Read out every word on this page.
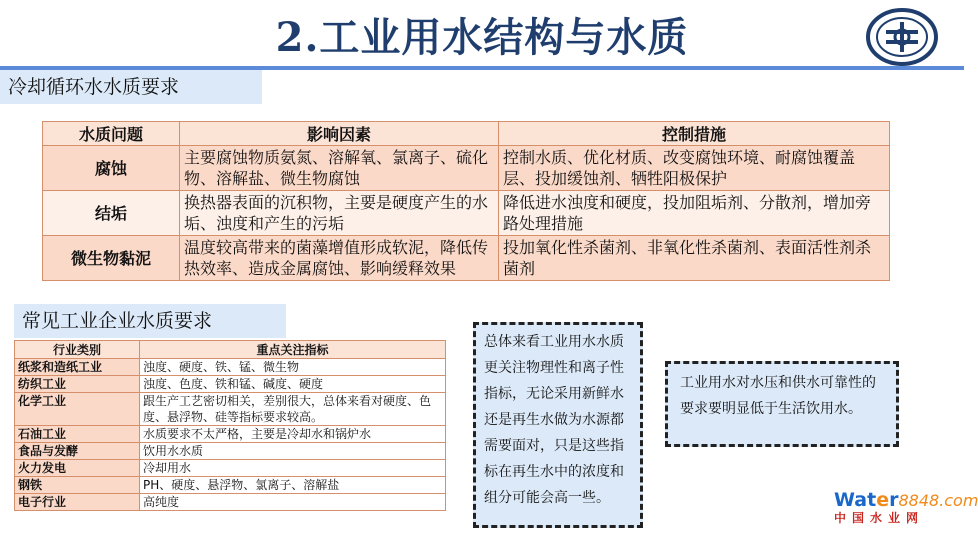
2.工业用水结构与水质
冷却循环水水质要求
水质问题	影响因素	控制措施
腐蚀	主要腐蚀物质氨氮、溶解氧、氯离子、硫化物、溶解盐、微生物腐蚀	控制水质、优化材质、改变腐蚀环境、耐腐蚀覆盖层、投加缓蚀剂、牺牲阳极保护
结垢	换热器表面的沉积物，主要是硬度产生的水垢、浊度和产生的污垢	降低进水浊度和硬度，投加阻垢剂、分散剂，增加旁路处理措施
微生物黏泥	温度较高带来的菌藻增值形成软泥，降低传热效率、造成金属腐蚀、影响缓释效果	投加氧化性杀菌剂、非氧化性杀菌剂、表面活性剂杀菌剂
常见工业企业水质要求
行业类别	重点关注指标
纸浆和造纸工业	浊度、硬度、铁、锰、微生物
纺织工业	浊度、色度、铁和锰、碱度、硬度
化学工业	跟生产工艺密切相关，差别很大，总体来看对硬度、色度、悬浮物、硅等指标要求较高。
石油工业	水质要求不太严格，主要是冷却水和锅炉水
食品与发酵	饮用水水质
火力发电	冷却用水
钢铁	PH、硬度、悬浮物、氯离子、溶解盐
电子行业	高纯度
总体来看工业用水水质更关注物理性和离子性指标，无论采用新鲜水还是再生水做为水源都需要面对，只是这些指标在再生水中的浓度和组分可能会高一些。
工业用水对水压和供水可靠性的要求要明显低于生活饮用水。
Water8848.com
中国水业网
